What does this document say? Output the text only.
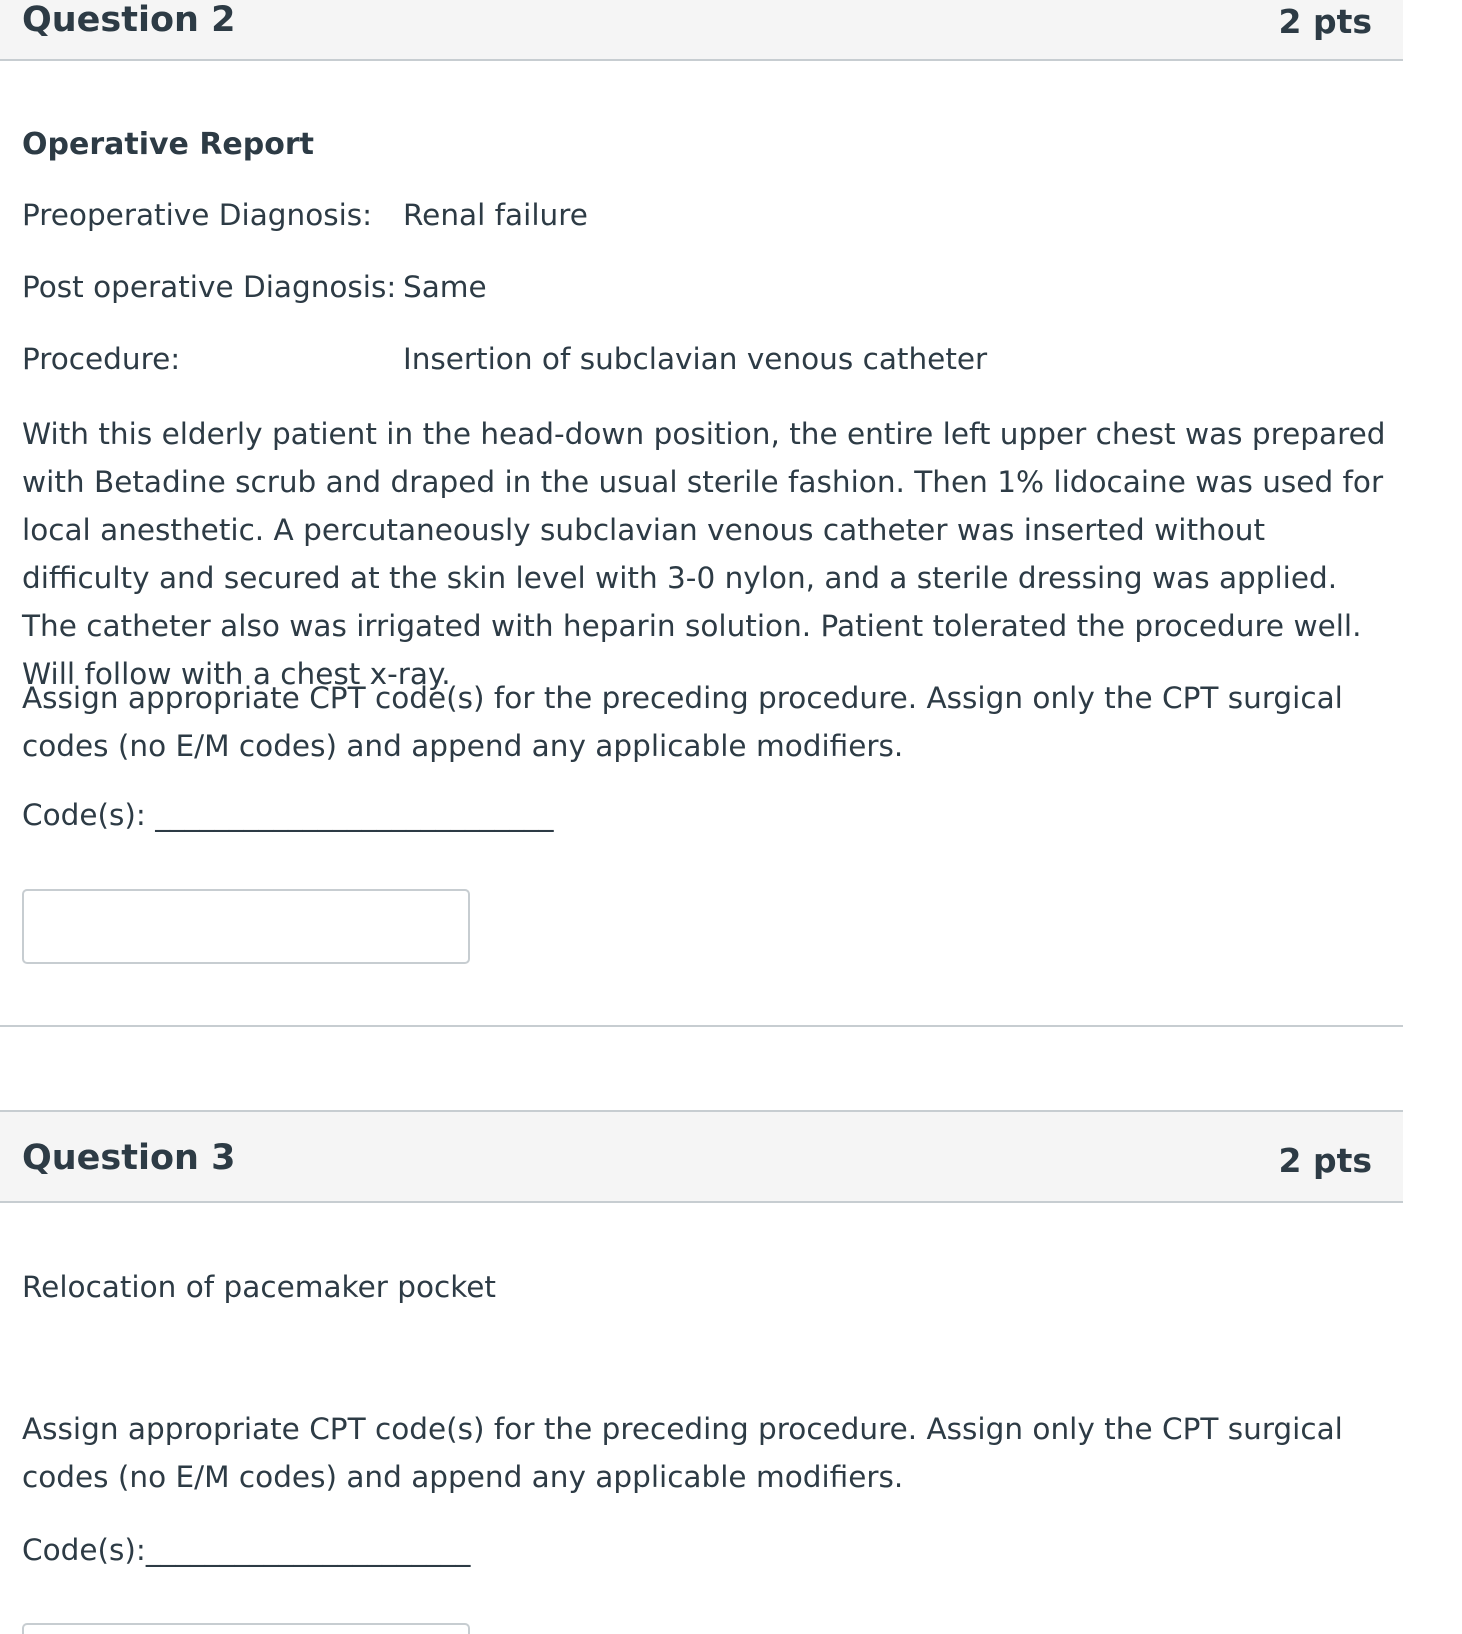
Question 2	2 pts
Operative Report
Preoperative Diagnosis: Renal failure
Post operative Diagnosis: Same
Procedure:	Insertion of subclavian venous catheter
With this elderly patient in the head-down position, the entire left upper chest was prepared with Betadine scrub and draped in the usual sterile fashion. Then 1% lidocaine was used for local anesthetic. A percutaneously subclavian venous catheter was inserted without difficulty and secured at the skin level with 3-0 nylon, and a sterile dressing was applied. The catheter also was irrigated with heparin solution. Patient tolerated the procedure well. Will follow with a chest x-ray.
Assign appropriate CPT code(s) for the preceding procedure. Assign only the CPT surgical codes (no E/M codes) and append any applicable modifiers.
Code(s): ___________________________
Question 3	2 pts
Relocation of pacemaker pocket
Assign appropriate CPT code(s) for the preceding procedure. Assign only the CPT surgical codes (no E/M codes) and append any applicable modifiers.
Code(s):______________________
